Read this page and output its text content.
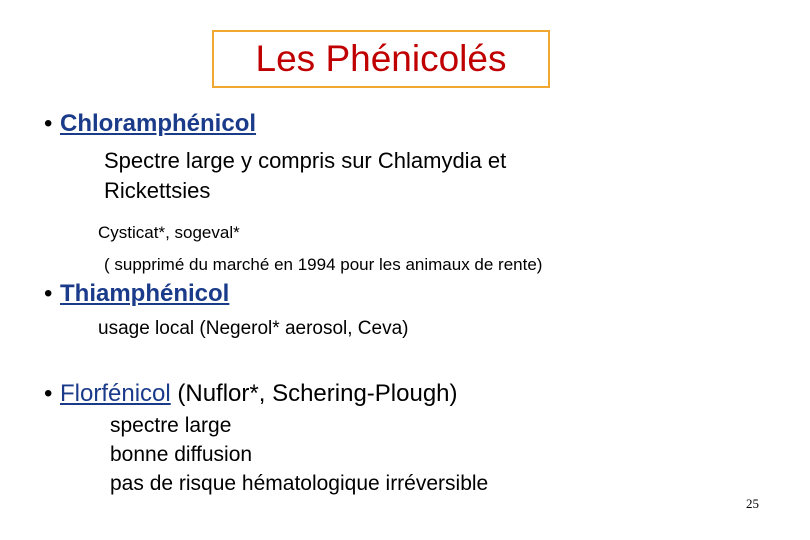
Les Phénicolés
• Chloramphénicol
Spectre large y compris sur Chlamydia et
Rickettsies
Cysticat*, sogeval*
( supprimé du marché en 1994 pour les animaux de rente)
• Thiamphénicol
usage local (Negerol* aerosol, Ceva)
• Florfénicol (Nuflor*, Schering-Plough)
spectre large
bonne diffusion
pas de risque hématologique irréversible
25
